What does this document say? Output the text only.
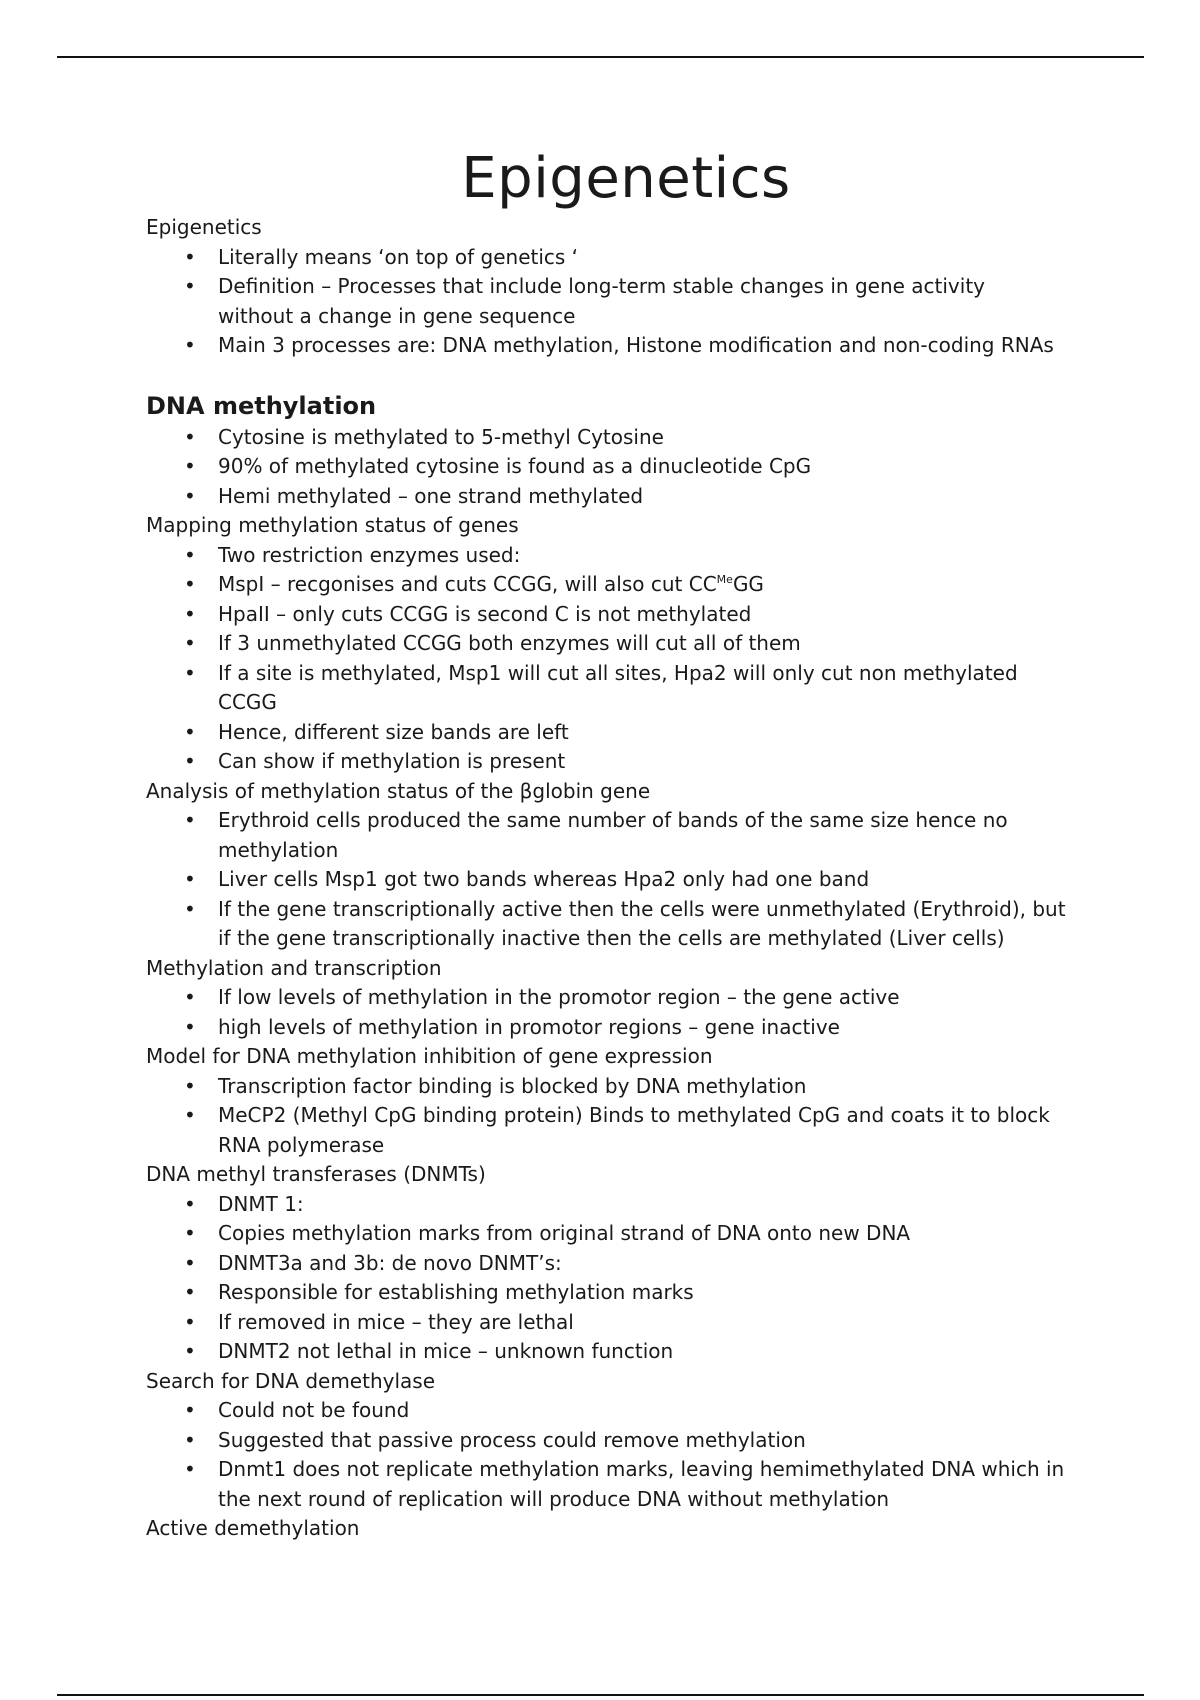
Epigenetics

Epigenetics

• Literally means ‘on top of genetics ‘
• Definition – Processes that include long-term stable changes in gene activity without a change in gene sequence
• Main 3 processes are: DNA methylation, Histone modification and non-coding RNAs

DNA methylation

• Cytosine is methylated to 5-methyl Cytosine
• 90% of methylated cytosine is found as a dinucleotide CpG
• Hemi methylated – one strand methylated

Mapping methylation status of genes

• Two restriction enzymes used:
• MspI – recgonises and cuts CCGG, will also cut $CC^{Me}GG$
• HpaII – only cuts CCGG is second C is not methylated
• If 3 unmethylated CCGG both enzymes will cut all of them
• If a site is methylated, Msp1 will cut all sites, Hpa2 will only cut non methylated CCGG
• Hence, different size bands are left
• Can show if methylation is present

Analysis of methylation status of the βglobin gene

• Erythroid cells produced the same number of bands of the same size hence no methylation
• Liver cells Msp1 got two bands whereas Hpa2 only had one band
• If the gene transcriptionally active then the cells were unmethylated (Erythroid), but if the gene transcriptionally inactive then the cells are methylated (Liver cells)

Methylation and transcription

• If low levels of methylation in the promotor region – the gene active
• high levels of methylation in promotor regions – gene inactive

Model for DNA methylation inhibition of gene expression

• Transcription factor binding is blocked by DNA methylation
• MeCP2 (Methyl CpG binding protein) Binds to methylated CpG and coats it to block RNA polymerase

DNA methyl transferases (DNMTs)

• DNMT 1:
• Copies methylation marks from original strand of DNA onto new DNA
• DNMT3a and 3b: de novo DNMT’s:
• Responsible for establishing methylation marks
• If removed in mice – they are lethal
• DNMT2 not lethal in mice – unknown function

Search for DNA demethylase

• Could not be found
• Suggested that passive process could remove methylation
• Dnmt1 does not replicate methylation marks, leaving hemimethylated DNA which in the next round of replication will produce DNA without methylation

Active demethylation
